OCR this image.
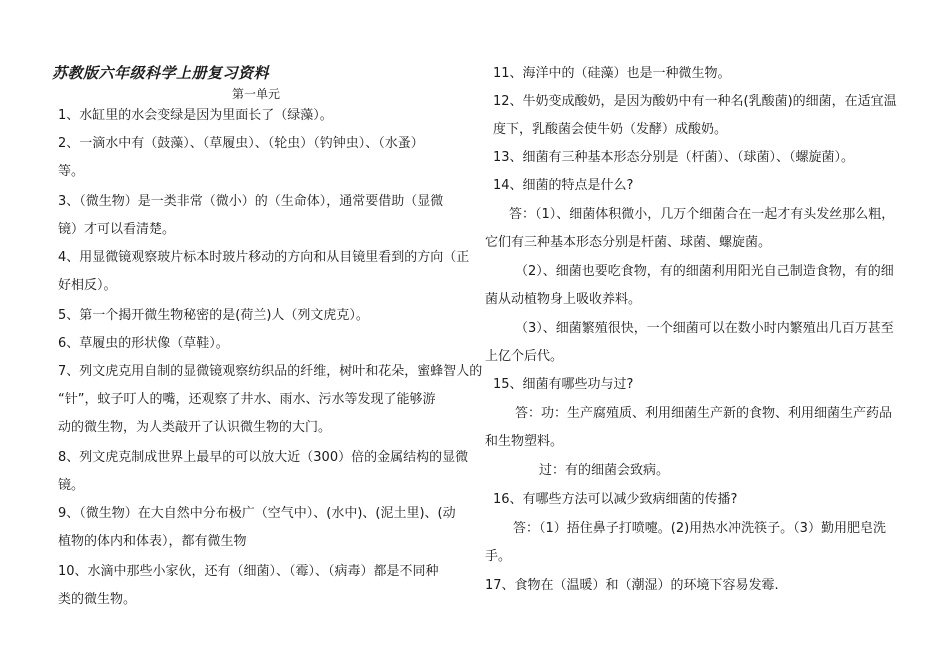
苏教版六年级科学上册复习资料
第一单元

1、水缸里的水会变绿是因为里面长了（绿藻）。

2、一滴水中有（鼓藻）、（草履虫）、（轮虫）（钓钟虫）、（水蚤）

等。

3、（微生物）是一类非常（微小）的（生命体），通常要借助（显微

镜）才可以看清楚。

4、用显微镜观察玻片标本时玻片移动的方向和从目镜里看到的方向（正

好相反）。

5、第一个揭开微生物秘密的是(荷兰)人（列文虎克）。

6、草履虫的形状像（草鞋）。

7、列文虎克用自制的显微镜观察纺织品的纤维，树叶和花朵，蜜蜂智人的

“针”，蚊子叮人的嘴，还观察了井水、雨水、污水等发现了能够游

动的微生物，为人类敲开了认识微生物的大门。

8、列文虎克制成世界上最早的可以放大近（300）倍的金属结构的显微

镜。

9、（微生物）在大自然中分布极广（空气中）、(水中)、(泥土里)、(动

植物的体内和体表），都有微生物

10、水滴中那些小家伙，还有（细菌）、（霉）、（病毒）都是不同种

类的微生物。

11、海洋中的（硅藻）也是一种微生物。

12、牛奶变成酸奶，是因为酸奶中有一种名(乳酸菌)的细菌，在适宜温

度下，乳酸菌会使牛奶（发酵）成酸奶。

13、细菌有三种基本形态分别是（杆菌）、（球菌）、（螺旋菌）。

14、细菌的特点是什么?

答：（1）、细菌体积微小，几万个细菌合在一起才有头发丝那么粗，

它们有三种基本形态分别是杆菌、球菌、螺旋菌。

（2）、细菌也要吃食物，有的细菌利用阳光自己制造食物，有的细

菌从动植物身上吸收养料。

（3）、细菌繁殖很快，一个细菌可以在数小时内繁殖出几百万甚至

上亿个后代。

15、细菌有哪些功与过?

答：功：生产腐殖质、利用细菌生产新的食物、利用细菌生产药品

和生物塑料。

过：有的细菌会致病。

16、有哪些方法可以减少致病细菌的传播?

答：（1）捂住鼻子打喷嚏。(2)用热水冲洗筷子。（3）勤用肥皂洗

手。

17、食物在（温暖）和（潮湿）的环境下容易发霉.
